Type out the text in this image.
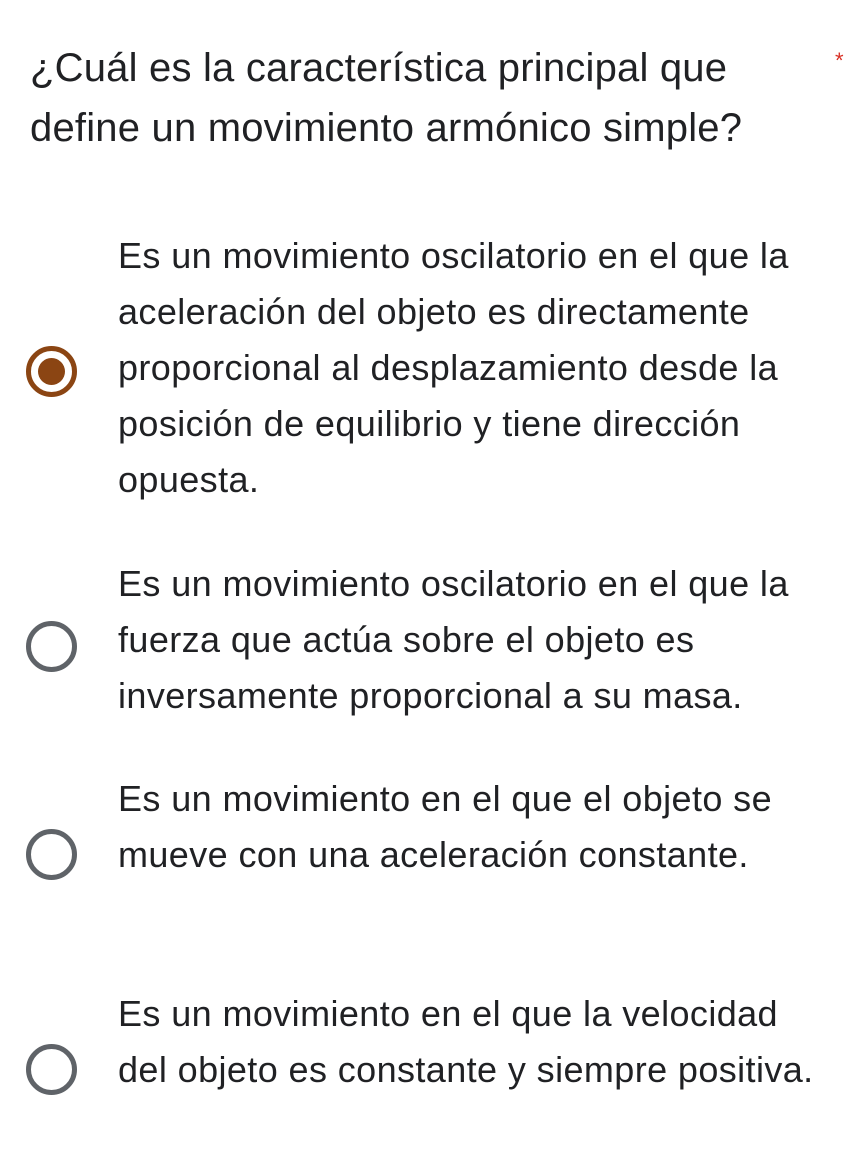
¿Cuál es la característica principal que define un movimiento armónico simple?
*
Es un movimiento oscilatorio en el que la aceleración del objeto es directamente proporcional al desplazamiento desde la posición de equilibrio y tiene dirección opuesta.
Es un movimiento oscilatorio en el que la fuerza que actúa sobre el objeto es inversamente proporcional a su masa.
Es un movimiento en el que el objeto se mueve con una aceleración constante.
Es un movimiento en el que la velocidad del objeto es constante y siempre positiva.
